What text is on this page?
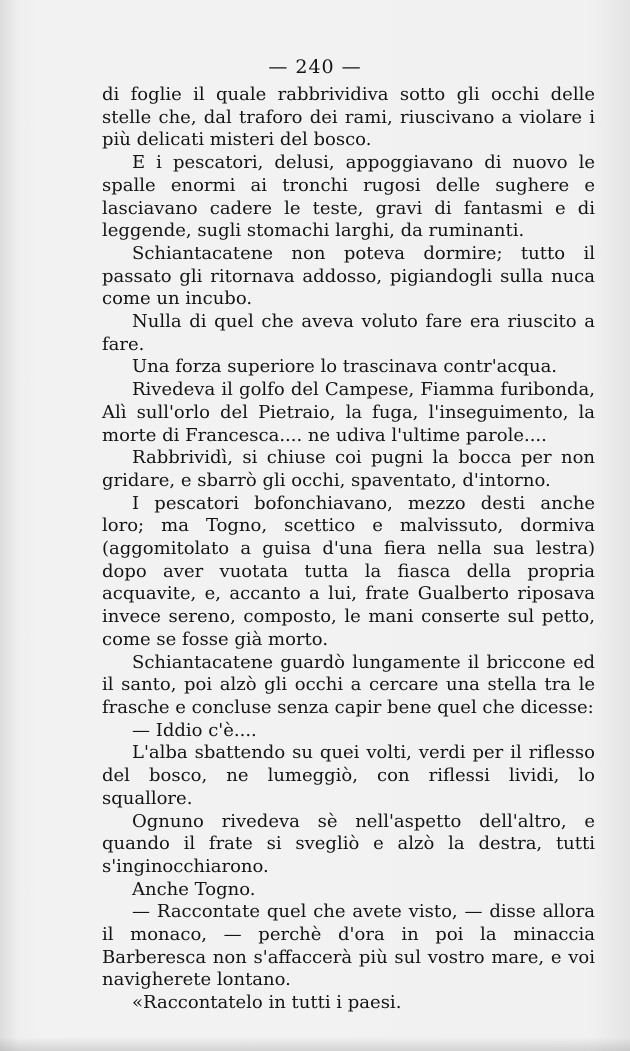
— 240 —

di foglie il quale rabbrividiva sotto gli occhi delle stelle che, dal traforo dei rami, riuscivano a violare i più delicati misteri del bosco.

E i pescatori, delusi, appoggiavano di nuovo le spalle enormi ai tronchi rugosi delle sughere e lasciavano cadere le teste, gravi di fantasmi e di leggende, sugli stomachi larghi, da ruminanti.

Schiantacatene non poteva dormire; tutto il passato gli ritornava addosso, pigiandogli sulla nuca come un incubo.

Nulla di quel che aveva voluto fare era riuscito a fare.

Una forza superiore lo trascinava contr'acqua.

Rivedeva il golfo del Campese, Fiamma furibonda, Alì sull'orlo del Pietraio, la fuga, l'inseguimento, la morte di Francesca.... ne udiva l'ultime parole....

Rabbrividì, si chiuse coi pugni la bocca per non gridare, e sbarrò gli occhi, spaventato, d'intorno.

I pescatori bofonchiavano, mezzo desti anche loro; ma Togno, scettico e malvissuto, dormiva (aggomitolato a guisa d'una fiera nella sua lestra) dopo aver vuotata tutta la fiasca della propria acquavite, e, accanto a lui, frate Gualberto riposava invece sereno, composto, le mani conserte sul petto, come se fosse già morto.

Schiantacatene guardò lungamente il briccone ed il santo, poi alzò gli occhi a cercare una stella tra le frasche e concluse senza capir bene quel che dicesse:

— Iddio c'è....

L'alba sbattendo su quei volti, verdi per il riflesso del bosco, ne lumeggiò, con riflessi lividi, lo squallore.

Ognuno rivedeva sè nell'aspetto dell'altro, e quando il frate si svegliò e alzò la destra, tutti s'inginocchiarono.

Anche Togno.

— Raccontate quel che avete visto, — disse allora il monaco, — perchè d'ora in poi la minaccia Barberesca non s'affaccerà più sul vostro mare, e voi navigherete lontano.

«Raccontatelo in tutti i paesi.
